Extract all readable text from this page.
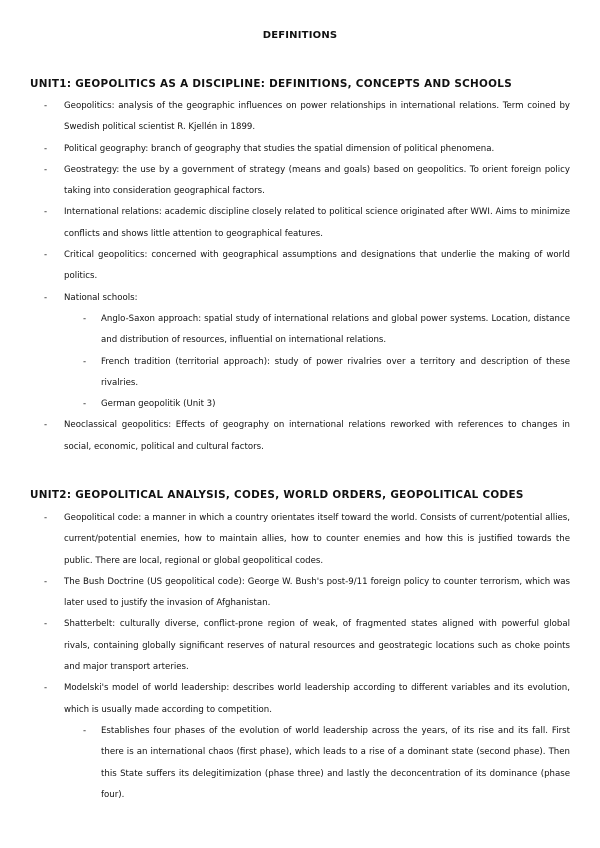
DEFINITIONS
UNIT1: GEOPOLITICS AS A DISCIPLINE: DEFINITIONS, CONCEPTS AND SCHOOLS
- Geopolitics: analysis of the geographic influences on power relationships in international relations. Term coined by Swedish political scientist R. Kjellén in 1899.
- Political geography: branch of geography that studies the spatial dimension of political phenomena.
- Geostrategy: the use by a government of strategy (means and goals) based on geopolitics. To orient foreign policy taking into consideration geographical factors.
- International relations: academic discipline closely related to political science originated after WWI. Aims to minimize conflicts and shows little attention to geographical features.
- Critical geopolitics: concerned with geographical assumptions and designations that underlie the making of world politics.
- National schools:
- Anglo-Saxon approach: spatial study of international relations and global power systems. Location, distance and distribution of resources, influential on international relations.
- French tradition (territorial approach): study of power rivalries over a territory and description of these rivalries.
- German geopolitik (Unit 3)
- Neoclassical geopolitics: Effects of geography on international relations reworked with references to changes in social, economic, political and cultural factors.
UNIT2: GEOPOLITICAL ANALYSIS, CODES, WORLD ORDERS, GEOPOLITICAL CODES
- Geopolitical code: a manner in which a country orientates itself toward the world. Consists of current/potential allies, current/potential enemies, how to maintain allies, how to counter enemies and how this is justified towards the public. There are local, regional or global geopolitical codes.
- The Bush Doctrine (US geopolitical code): George W. Bush's post-9/11 foreign policy to counter terrorism, which was later used to justify the invasion of Afghanistan.
- Shatterbelt: culturally diverse, conflict-prone region of weak, of fragmented states aligned with powerful global rivals, containing globally significant reserves of natural resources and geostrategic locations such as choke points and major transport arteries.
- Modelski's model of world leadership: describes world leadership according to different variables and its evolution, which is usually made according to competition.
- Establishes four phases of the evolution of world leadership across the years, of its rise and its fall. First there is an international chaos (first phase), which leads to a rise of a dominant state (second phase). Then this State suffers its delegitimization (phase three) and lastly the deconcentration of its dominance (phase four).
